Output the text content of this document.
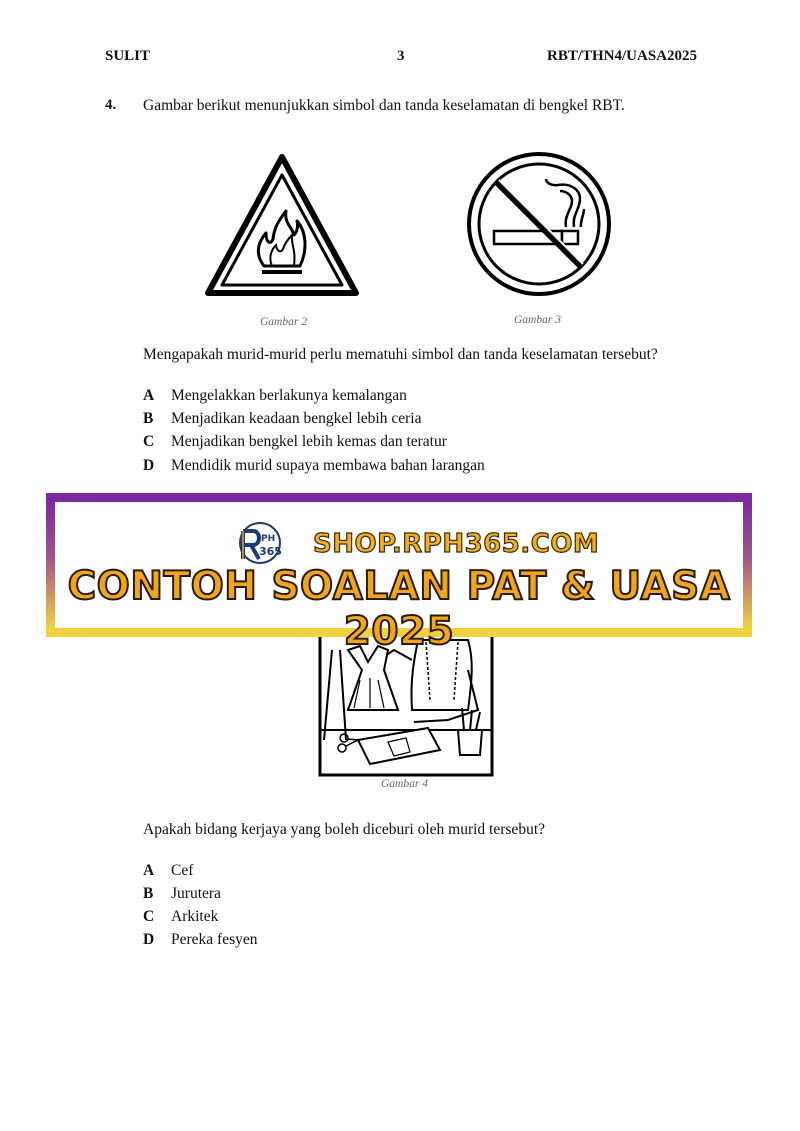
SULIT	3	RBT/THN4/UASA2025
4. Gambar berikut menunjukkan simbol dan tanda keselamatan di bengkel RBT.
Gambar 2	Gambar 3
Mengapakah murid-murid perlu mematuhi simbol dan tanda keselamatan tersebut?
A Mengelakkan berlakunya kemalangan
B Menjadikan keadaan bengkel lebih ceria
C Menjadikan bengkel lebih kemas dan teratur
D Mendidik murid supaya membawa bahan larangan
Gambar 4
PH
365 SHOP.RPH365.COM
CONTOH SOALAN PAT & UASA 2025
Apakah bidang kerjaya yang boleh diceburi oleh murid tersebut?
A Cef
B Jurutera
C Arkitek
D Pereka fesyen
